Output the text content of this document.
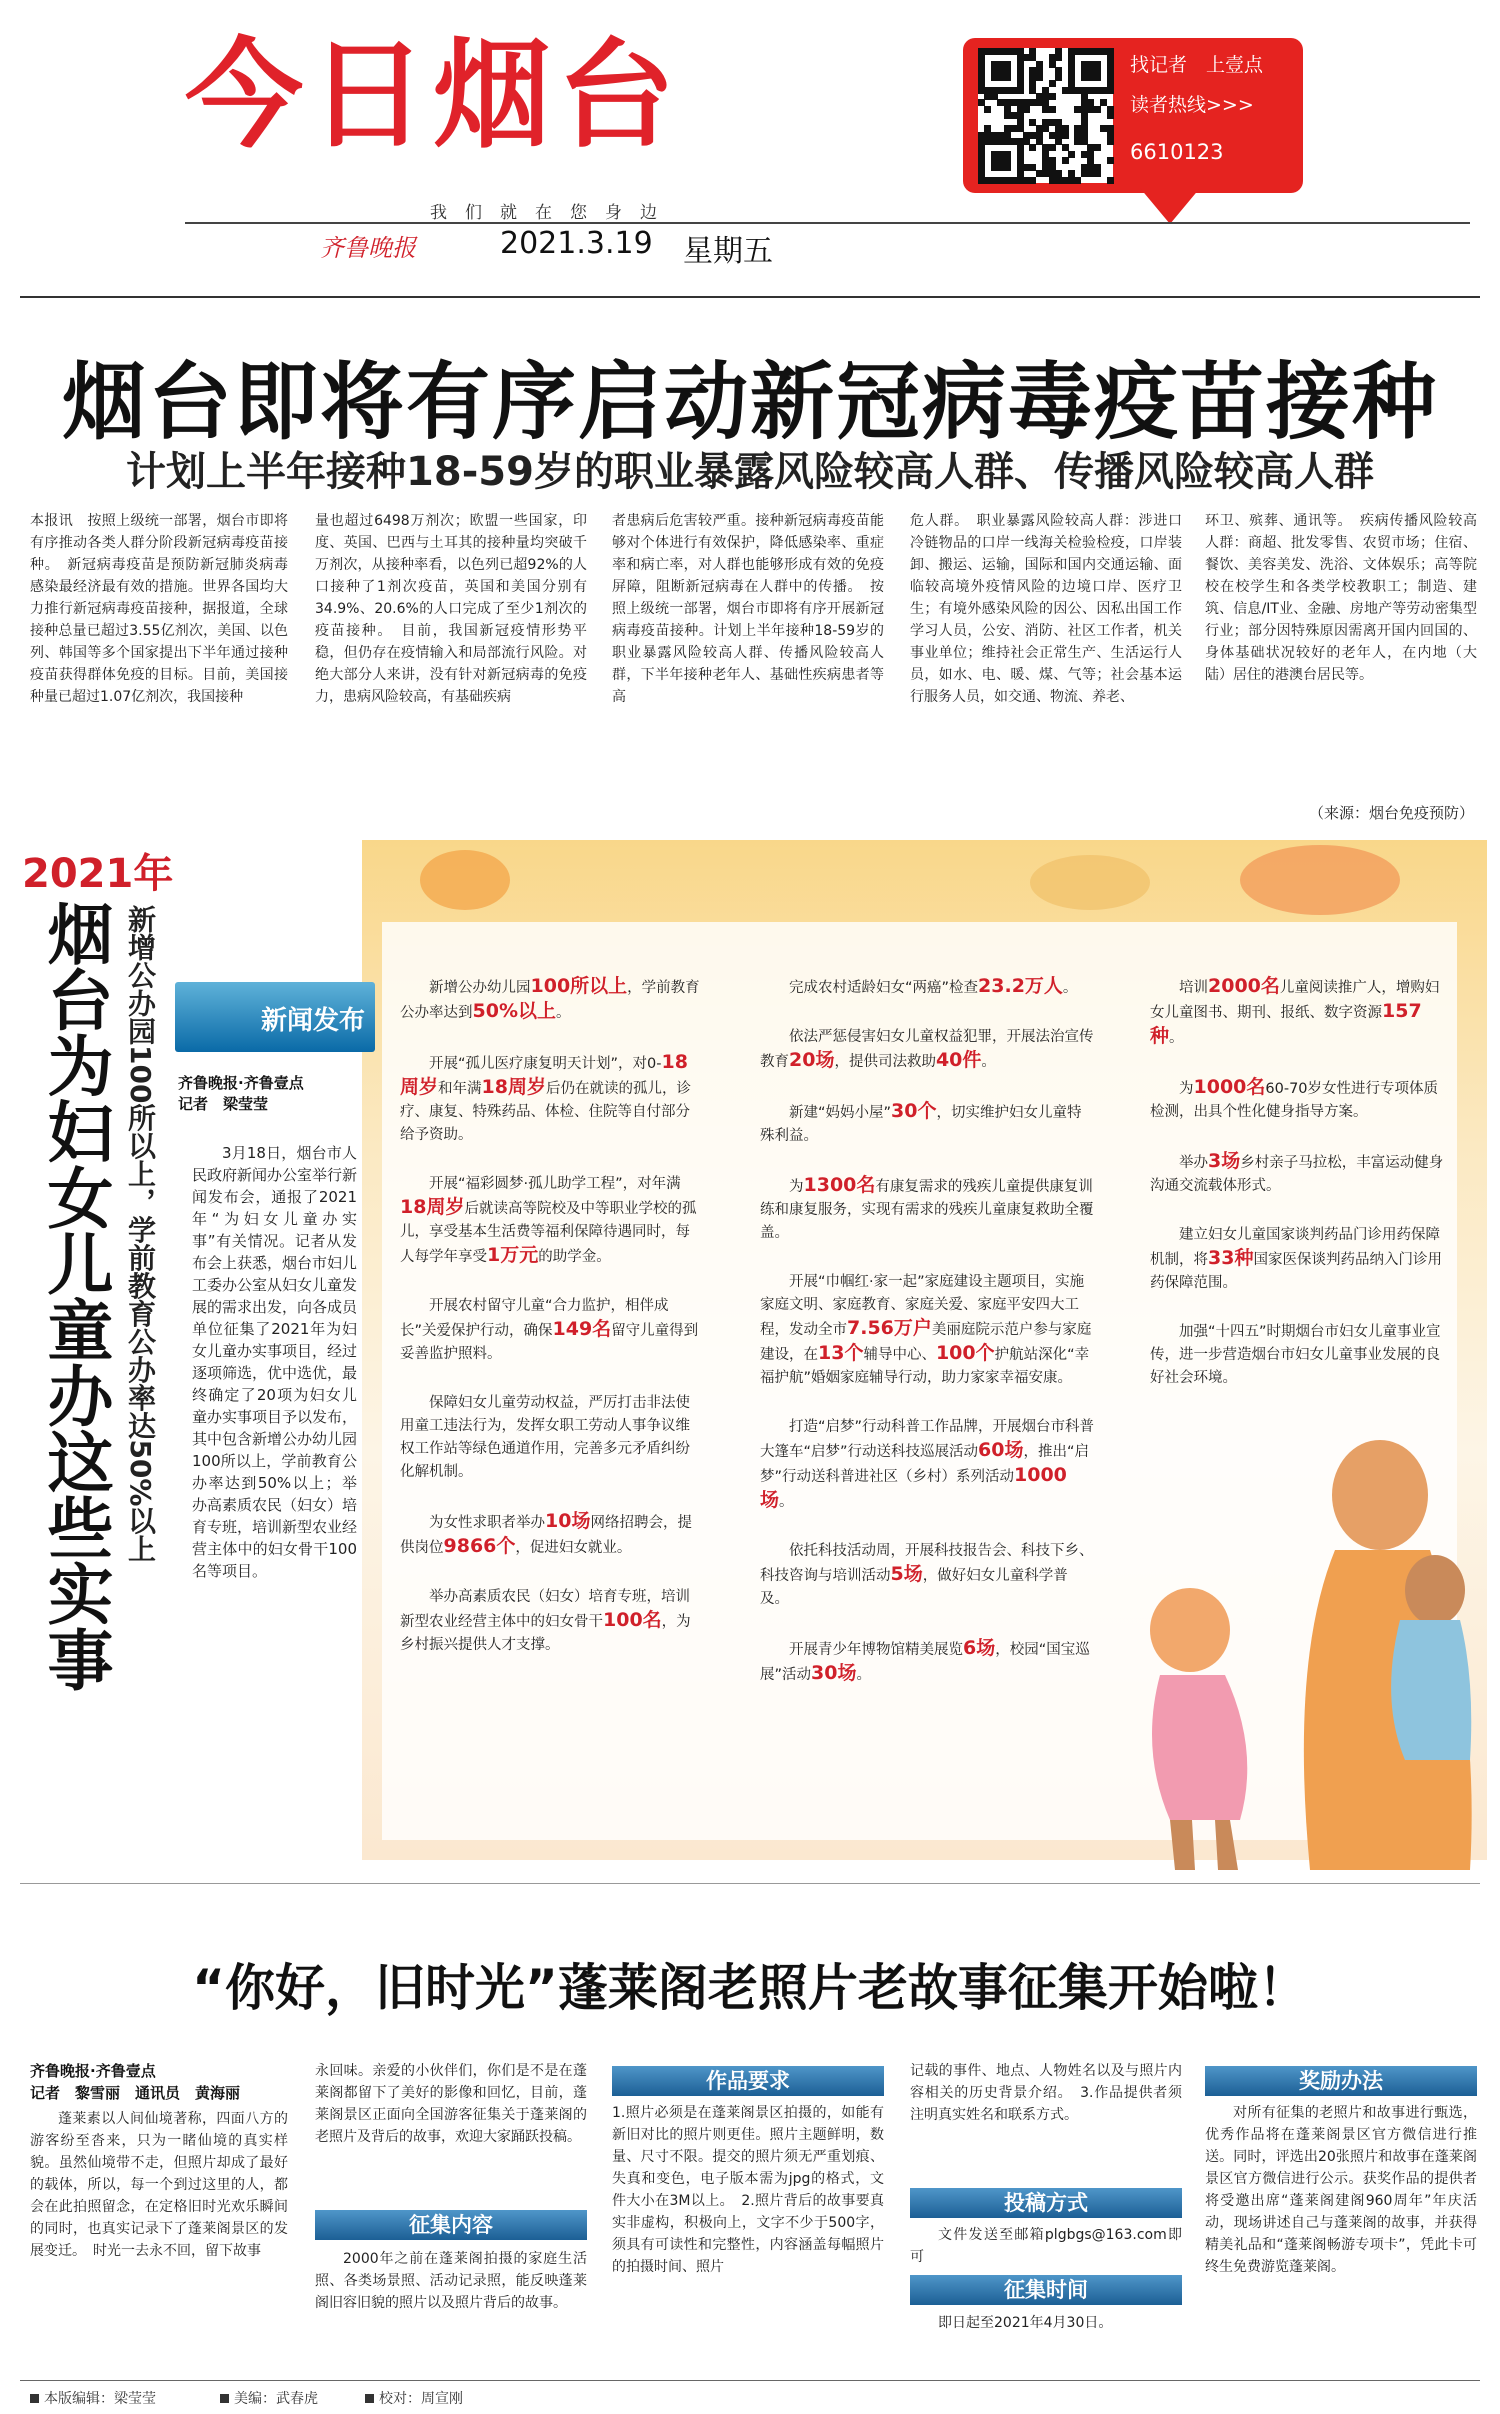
今日烟台	找记者　上壹点
读者热线>>>
6610123
我们就在您身边
齐鲁晚报	2021.3.19 星期五
烟台即将有序启动新冠病毒疫苗接种
计划上半年接种18-59岁的职业暴露风险较高人群、传播风险较高人群
本报讯　按照上级统一部署，烟台市即将有序推动各类人群分阶段新冠病毒疫苗接种。　新冠病毒疫苗是预防新冠肺炎病毒感染最经济最有效的措施。世界各国均大力推行新冠病毒疫苗接种，据报道，全球接种总量已超过3.55亿剂次，美国、以色列、韩国等多个国家提出下半年通过接种疫苗获得群体免疫的目标。目前，美国接种量已超过1.07亿剂次，我国接种
量也超过6498万剂次；欧盟一些国家，印度、英国、巴西与土耳其的接种量均突破千万剂次，从接种率看，以色列已超92%的人口接种了1剂次疫苗，英国和美国分别有34.9%、20.6%的人口完成了至少1剂次的疫苗接种。　目前，我国新冠疫情形势平稳，但仍存在疫情输入和局部流行风险。对绝大部分人来讲，没有针对新冠病毒的免疫力，患病风险较高，有基础疾病
者患病后危害较严重。接种新冠病毒疫苗能够对个体进行有效保护，降低感染率、重症率和病亡率，对人群也能够形成有效的免疫屏障，阻断新冠病毒在人群中的传播。　按照上级统一部署，烟台市即将有序开展新冠病毒疫苗接种。计划上半年接种18-59岁的职业暴露风险较高人群、传播风险较高人群，下半年接种老年人、基础性疾病患者等高
危人群。　职业暴露风险较高人群：涉进口冷链物品的口岸一线海关检验检疫，口岸装卸、搬运、运输，国际和国内交通运输、面临较高境外疫情风险的边境口岸、医疗卫生；有境外感染风险的因公、因私出国工作学习人员，公安、消防、社区工作者，机关事业单位；维持社会正常生产、生活运行人员，如水、电、暖、煤、气等；社会基本运行服务人员，如交通、物流、养老、
环卫、殡葬、通讯等。　疾病传播风险较高人群：商超、批发零售、农贸市场；住宿、餐饮、美容美发、洗浴、文体娱乐；高等院校在校学生和各类学校教职工；制造、建筑、信息/IT业、金融、房地产等劳动密集型行业；部分因特殊原因需离开国内回国的、身体基础状况较好的老年人，在内地（大陆）居住的港澳台居民等。
（来源：烟台免疫预防）
2021年
烟台为妇女儿童办这些实事 新增公办园100所以上，学前教育公办率达50%以上	新闻发布
齐鲁晚报·齐鲁壹点
记者　梁莹莹
3月18日，烟台市人民政府新闻办公室举行新闻发布会，通报了2021年“为妇女儿童办实事”有关情况。记者从发布会上获悉，烟台市妇儿工委办公室从妇女儿童发展的需求出发，向各成员单位征集了2021年为妇女儿童办实事项目，经过逐项筛选，优中选优，最终确定了20项为妇女儿童办实事项目予以发布，其中包含新增公办幼儿园100所以上，学前教育公办率达到50%以上；举办高素质农民（妇女）培育专班，培训新型农业经营主体中的妇女骨干100名等项目。

新增公办幼儿园100所以上，学前教育公办率达到50%以上。

开展“孤儿医疗康复明天计划”，对0-18周岁和年满18周岁后仍在就读的孤儿，诊疗、康复、特殊药品、体检、住院等自付部分给予资助。

开展“福彩圆梦·孤儿助学工程”，对年满18周岁后就读高等院校及中等职业学校的孤儿，享受基本生活费等福利保障待遇同时，每人每学年享受1万元的助学金。

开展农村留守儿童“合力监护，相伴成长”关爱保护行动，确保149名留守儿童得到妥善监护照料。

保障妇女儿童劳动权益，严厉打击非法使用童工违法行为，发挥女职工劳动人事争议维权工作站等绿色通道作用，完善多元矛盾纠纷化解机制。

为女性求职者举办10场网络招聘会，提供岗位9866个，促进妇女就业。

举办高素质农民（妇女）培育专班，培训新型农业经营主体中的妇女骨干100名，为乡村振兴提供人才支撑。

完成农村适龄妇女“两癌”检查23.2万人。

依法严惩侵害妇女儿童权益犯罪，开展法治宣传教育20场，提供司法救助40件。

新建“妈妈小屋”30个，切实维护妇女儿童特殊利益。

为1300名有康复需求的残疾儿童提供康复训练和康复服务，实现有需求的残疾儿童康复救助全覆盖。

开展“巾帼红·家一起”家庭建设主题项目，实施家庭文明、家庭教育、家庭关爱、家庭平安四大工程，发动全市7.56万户美丽庭院示范户参与家庭建设，在13个辅导中心、100个护航站深化“幸福护航”婚姻家庭辅导行动，助力家家幸福安康。

打造“启梦”行动科普工作品牌，开展烟台市科普大篷车“启梦”行动送科技巡展活动60场，推出“启梦”行动送科普进社区（乡村）系列活动1000场。

依托科技活动周，开展科技报告会、科技下乡、科技咨询与培训活动5场，做好妇女儿童科学普及。

开展青少年博物馆精美展览6场，校园“国宝巡展”活动30场。

培训2000名儿童阅读推广人，增购妇女儿童图书、期刊、报纸、数字资源157种。

为1000名60-70岁女性进行专项体质检测，出具个性化健身指导方案。

举办3场乡村亲子马拉松，丰富运动健身沟通交流载体形式。

建立妇女儿童国家谈判药品门诊用药保障机制，将33种国家医保谈判药品纳入门诊用药保障范围。

加强“十四五”时期烟台市妇女儿童事业宣传，进一步营造烟台市妇女儿童事业发展的良好社会环境。

“你好，旧时光”蓬莱阁老照片老故事征集开始啦！
齐鲁晚报·齐鲁壹点
记者　黎雪丽　通讯员　黄海丽
蓬莱素以人间仙境著称，四面八方的游客纷至沓来，只为一睹仙境的真实样貌。虽然仙境带不走，但照片却成了最好的载体，所以，每一个到过这里的人，都会在此拍照留念，在定格旧时光欢乐瞬间的同时，也真实记录下了蓬莱阁景区的发展变迁。　时光一去永不回，留下故事
永回味。亲爱的小伙伴们，你们是不是在蓬莱阁都留下了美好的影像和回忆，目前，蓬莱阁景区正面向全国游客征集关于蓬莱阁的老照片及背后的故事，欢迎大家踊跃投稿。
征集内容
2000年之前在蓬莱阁拍摄的家庭生活照、各类场景照、活动记录照，能反映蓬莱阁旧容旧貌的照片以及照片背后的故事。
作品要求
1.照片必须是在蓬莱阁景区拍摄的，如能有新旧对比的照片则更佳。照片主题鲜明，数量、尺寸不限。提交的照片须无严重划痕、失真和变色，电子版本需为jpg的格式，文件大小在3M以上。　2.照片背后的故事要真实非虚构，积极向上，文字不少于500字，须具有可读性和完整性，内容涵盖每幅照片的拍摄时间、照片
记载的事件、地点、人物姓名以及与照片内容相关的历史背景介绍。　3.作品提供者须注明真实姓名和联系方式。
投稿方式
文件发送至邮箱plgbgs@163.com即可
征集时间
即日起至2021年4月30日。
奖励办法
对所有征集的老照片和故事进行甄选，优秀作品将在蓬莱阁景区官方微信进行推送。同时，评选出20张照片和故事在蓬莱阁景区官方微信进行公示。获奖作品的提供者将受邀出席“蓬莱阁建阁960周年”年庆活动，现场讲述自己与蓬莱阁的故事，并获得精美礼品和“蓬莱阁畅游专项卡”，凭此卡可终生免费游览蓬莱阁。
本版编辑：梁莹莹	美编：武春虎	校对：周宣刚
